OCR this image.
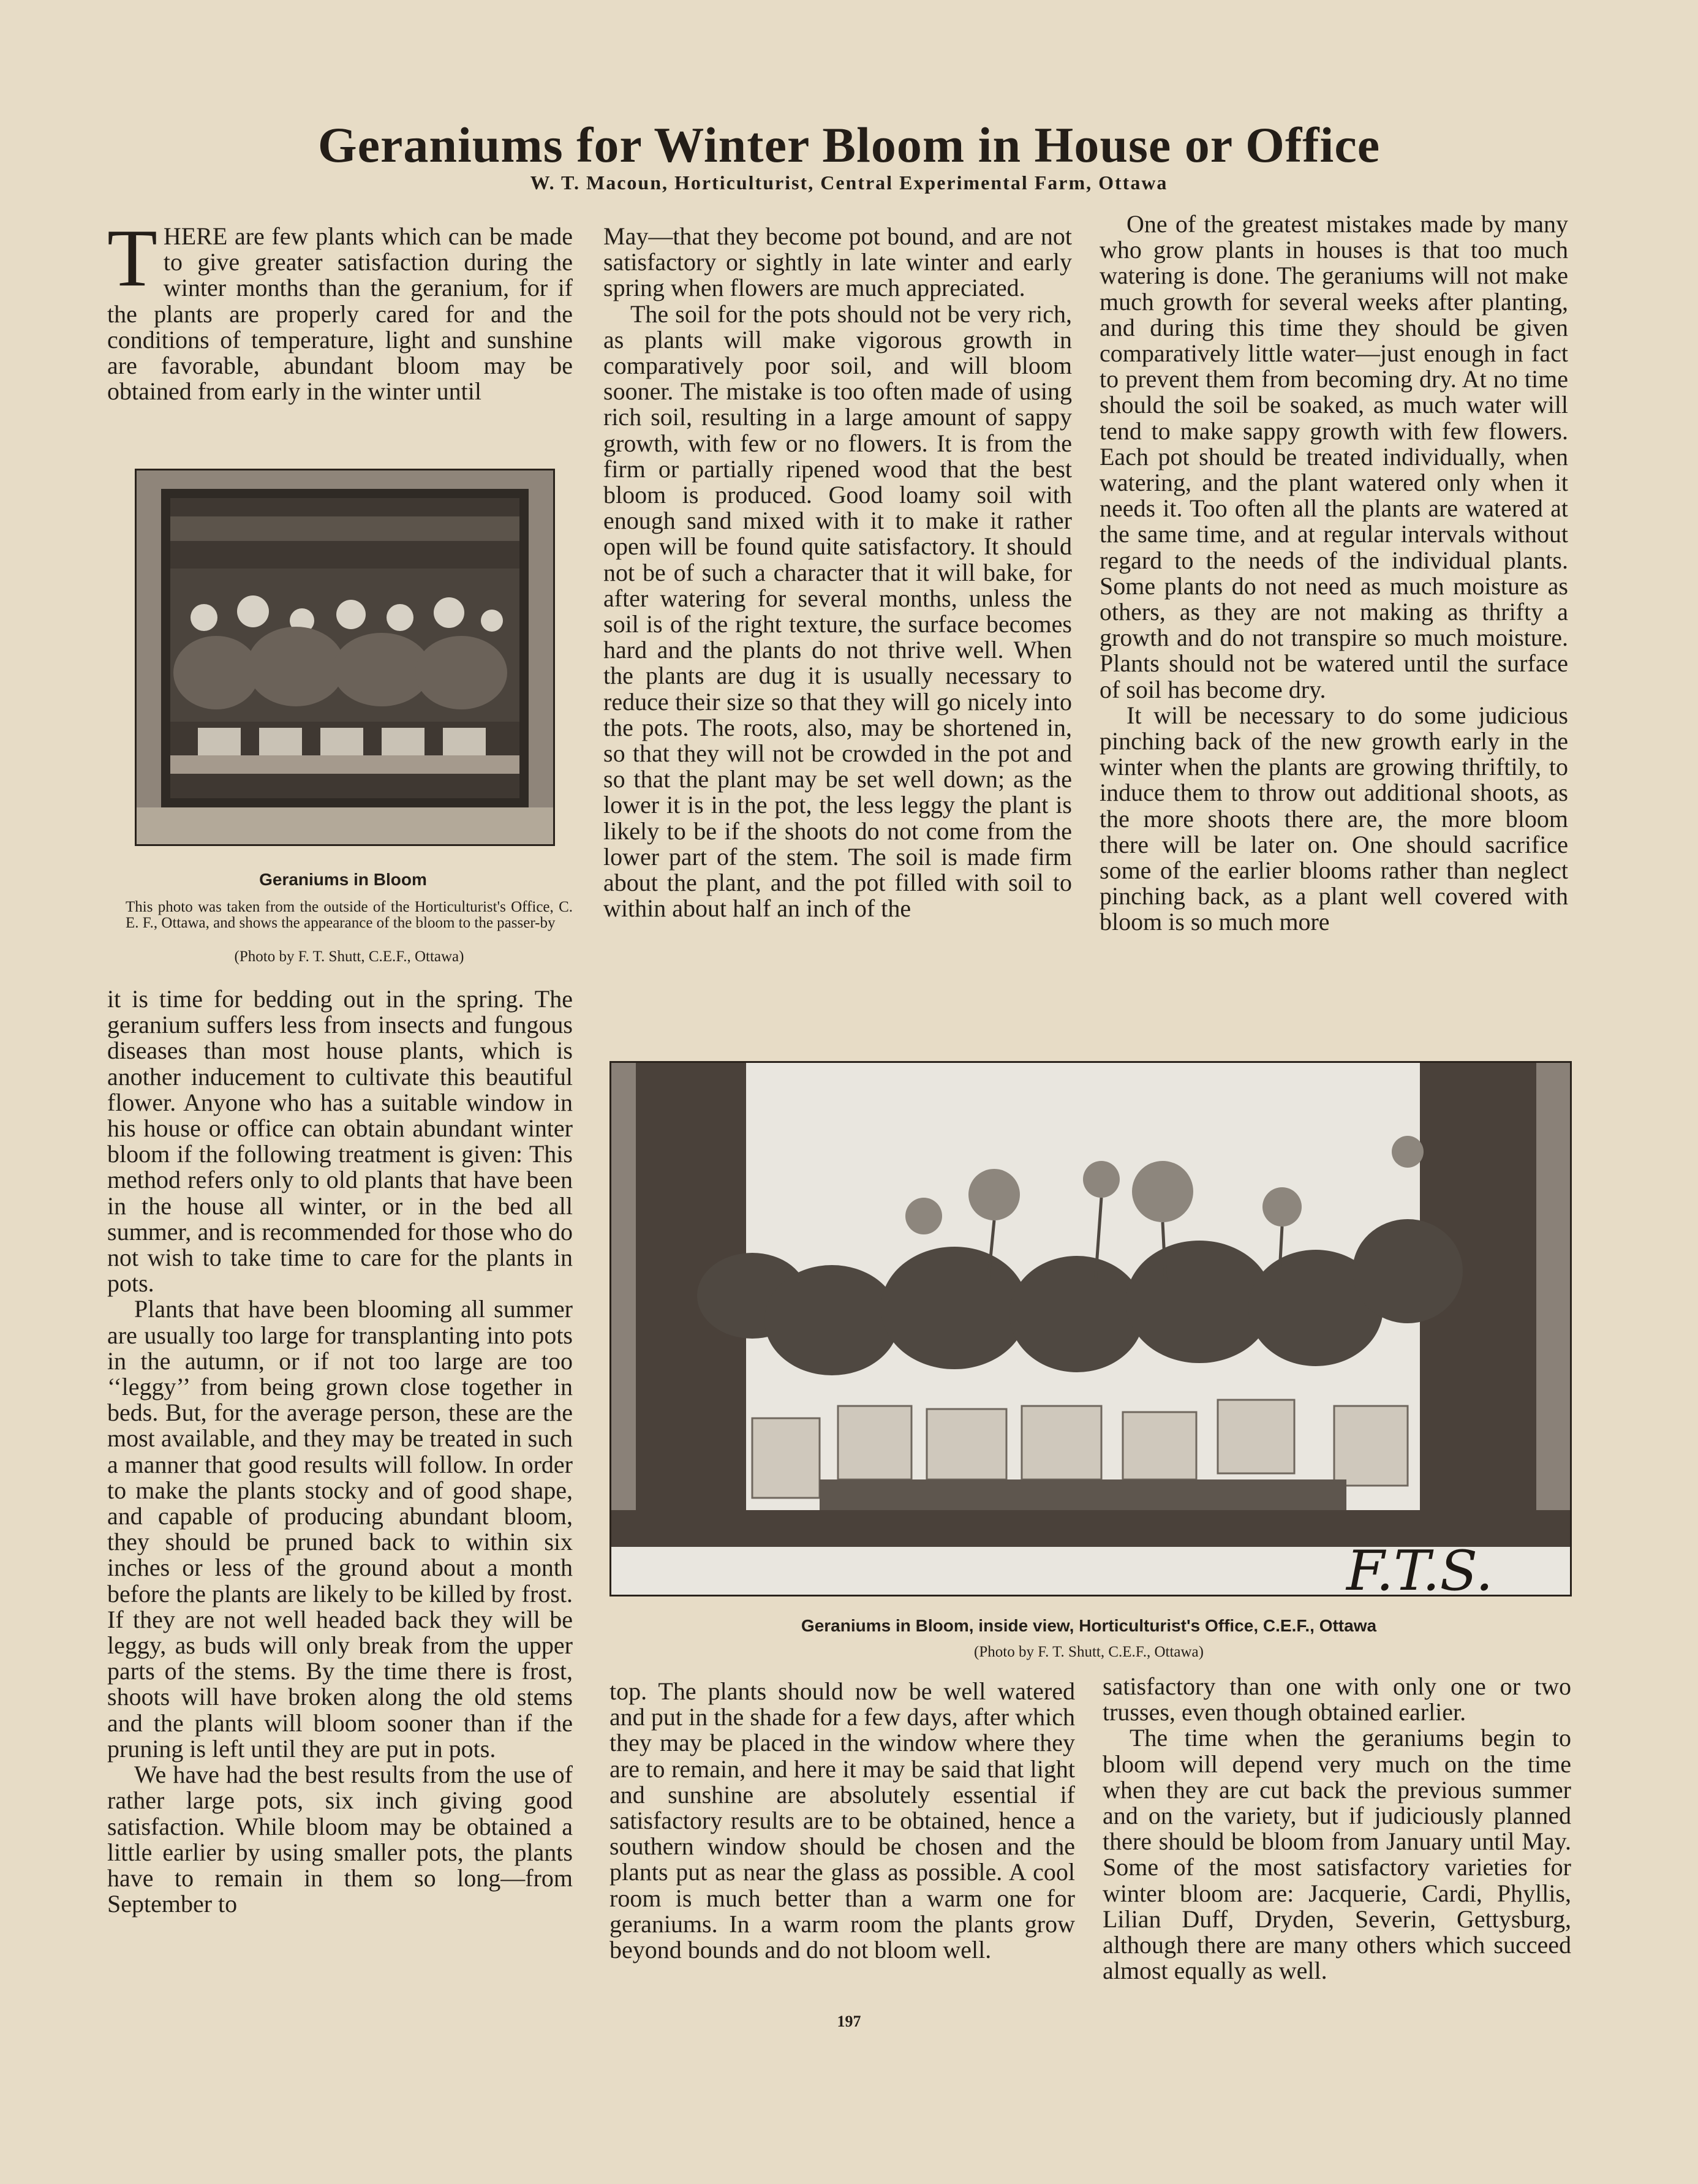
Geraniums for Winter Bloom in House or Office

W. T. Macoun, Horticulturist, Central Experimental Farm, Ottawa

THERE are few plants which can be made to give greater satisfaction during the winter months than the geranium, for if the plants are properly cared for and the conditions of temperature, light and sunshine are favorable, abundant bloom may be obtained from early in the winter until

Geraniums in Bloom

This photo was taken from the outside of the Horticulturist's Office, C. E. F., Ottawa, and shows the appearance of the bloom to the passer-by

(Photo by F. T. Shutt, C.E.F., Ottawa)

it is time for bedding out in the spring. The geranium suffers less from insects and fungous diseases than most house plants, which is another inducement to cultivate this beautiful flower. Anyone who has a suitable window in his house or office can obtain abundant winter bloom if the following treatment is given: This method refers only to old plants that have been in the house all winter, or in the bed all summer, and is recommended for those who do not wish to take time to care for the plants in pots.

Plants that have been blooming all summer are usually too large for transplanting into pots in the autumn, or if not too large are too ‘‘leggy’’ from being grown close together in beds. But, for the average person, these are the most available, and they may be treated in such a manner that good results will follow. In order to make the plants stocky and of good shape, and capable of producing abundant bloom, they should be pruned back to within six inches or less of the ground about a month before the plants are likely to be killed by frost. If they are not well headed back they will be leggy, as buds will only break from the upper parts of the stems. By the time there is frost, shoots will have broken along the old stems and the plants will bloom sooner than if the pruning is left until they are put in pots.

We have had the best results from the use of rather large pots, six inch giving good satisfaction. While bloom may be obtained a little earlier by using smaller pots, the plants have to remain in them so long—from September to

May—that they become pot bound, and are not satisfactory or sightly in late winter and early spring when flowers are much appreciated.

The soil for the pots should not be very rich, as plants will make vigorous growth in comparatively poor soil, and will bloom sooner. The mistake is too often made of using rich soil, resulting in a large amount of sappy growth, with few or no flowers. It is from the firm or partially ripened wood that the best bloom is produced. Good loamy soil with enough sand mixed with it to make it rather open will be found quite satisfactory. It should not be of such a character that it will bake, for after watering for several months, unless the soil is of the right texture, the surface becomes hard and the plants do not thrive well. When the plants are dug it is usually necessary to reduce their size so that they will go nicely into the pots. The roots, also, may be shortened in, so that they will not be crowded in the pot and so that the plant may be set well down; as the lower it is in the pot, the less leggy the plant is likely to be if the shoots do not come from the lower part of the stem. The soil is made firm about the plant, and the pot filled with soil to within about half an inch of the

One of the greatest mistakes made by many who grow plants in houses is that too much watering is done. The geraniums will not make much growth for several weeks after planting, and during this time they should be given comparatively little water—just enough in fact to prevent them from becoming dry. At no time should the soil be soaked, as much water will tend to make sappy growth with few flowers. Each pot should be treated individually, when watering, and the plant watered only when it needs it. Too often all the plants are watered at the same time, and at regular intervals without regard to the needs of the individual plants. Some plants do not need as much moisture as others, as they are not making as thrifty a growth and do not transpire so much moisture. Plants should not be watered until the surface of soil has become dry.

It will be necessary to do some judicious pinching back of the new growth early in the winter when the plants are growing thriftily, to induce them to throw out additional shoots, as the more shoots there are, the more bloom there will be later on. One should sacrifice some of the earlier blooms rather than neglect pinching back, as a plant well covered with bloom is so much more

F.T.S.

Geraniums in Bloom, inside view, Horticulturist's Office, C.E.F., Ottawa

(Photo by F. T. Shutt, C.E.F., Ottawa)

top. The plants should now be well watered and put in the shade for a few days, after which they may be placed in the window where they are to remain, and here it may be said that light and sunshine are absolutely essential if satisfactory results are to be obtained, hence a southern window should be chosen and the plants put as near the glass as possible. A cool room is much better than a warm one for geraniums. In a warm room the plants grow beyond bounds and do not bloom well.

satisfactory than one with only one or two trusses, even though obtained earlier.

The time when the geraniums begin to bloom will depend very much on the time when they are cut back the previous summer and on the variety, but if judiciously planned there should be bloom from January until May. Some of the most satisfactory varieties for winter bloom are: Jacquerie, Cardi, Phyllis, Lilian Duff, Dryden, Severin, Gettysburg, although there are many others which succeed almost equally as well.

197
